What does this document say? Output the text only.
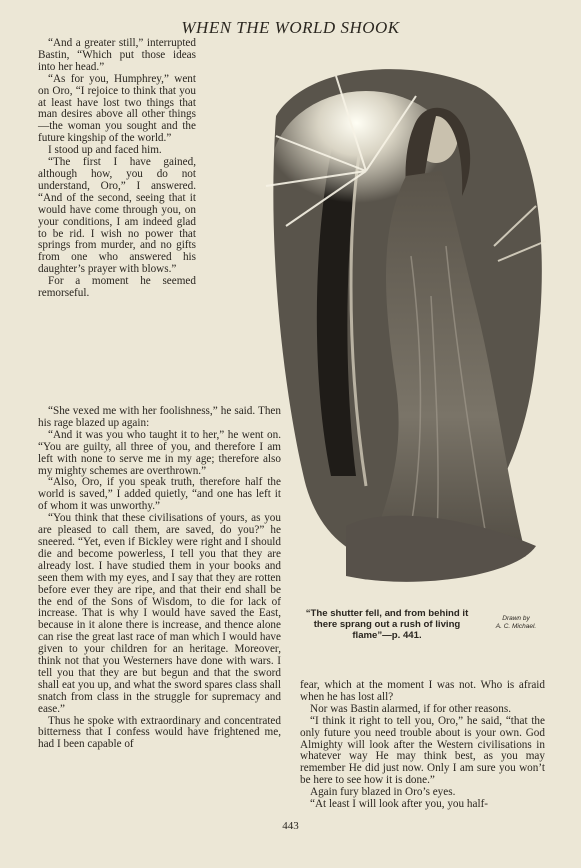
WHEN THE WORLD SHOOK

“And a greater still,” interrupted Bastin, “Which put those ideas into her head.”

“As for you, Humphrey,” went on Oro, “I rejoice to think that you at least have lost two things that man desires above all other things—the woman you sought and the future kingship of the world.”

I stood up and faced him.

“The first I have gained, although how, you do not understand, Oro,” I answered. “And of the second, seeing that it would have come through you, on your conditions, I am indeed glad to be rid. I wish no power that springs from murder, and no gifts from one who answered his daughter’s prayer with blows.”

For a moment he seemed remorseful.

“She vexed me with her foolishness,” he said. Then his rage blazed up again:

“And it was you who taught it to her,” he went on. “You are guilty, all three of you, and therefore I am left with none to serve me in my age; therefore also my mighty schemes are overthrown.”

“Also, Oro, if you speak truth, therefore half the world is saved,” I added quietly, “and one has left it of whom it was unworthy.”

“You think that these civilisations of yours, as you are pleased to call them, are saved, do you?” he sneered. “Yet, even if Bickley were right and I should die and become powerless, I tell you that they are already lost. I have studied them in your books and seen them with my eyes, and I say that they are rotten before ever they are ripe, and that their end shall be the end of the Sons of Wisdom, to die for lack of increase. That is why I would have saved the East, because in it alone there is increase, and thence alone can rise the great last race of man which I would have given to your children for an heritage. Moreover, think not that you Westerners have done with wars. I tell you that they are but begun and that the sword shall eat you up, and what the sword spares class shall snatch from class in the struggle for supremacy and ease.”

Thus he spoke with extraordinary and concentrated bitterness that I confess would have frightened me, had I been capable of

“The shutter fell, and from behind it there sprang out a rush of living flame”—p. 441.
Drawn by
A. C. Michael.

fear, which at the moment I was not. Who is afraid when he has lost all?

Nor was Bastin alarmed, if for other reasons.

“I think it right to tell you, Oro,” he said, “that the only future you need trouble about is your own. God Almighty will look after the Western civilisations in whatever way He may think best, as you may remember He did just now. Only I am sure you won’t be here to see how it is done.”

Again fury blazed in Oro’s eyes.

“At least I will look after you, you half-

443
